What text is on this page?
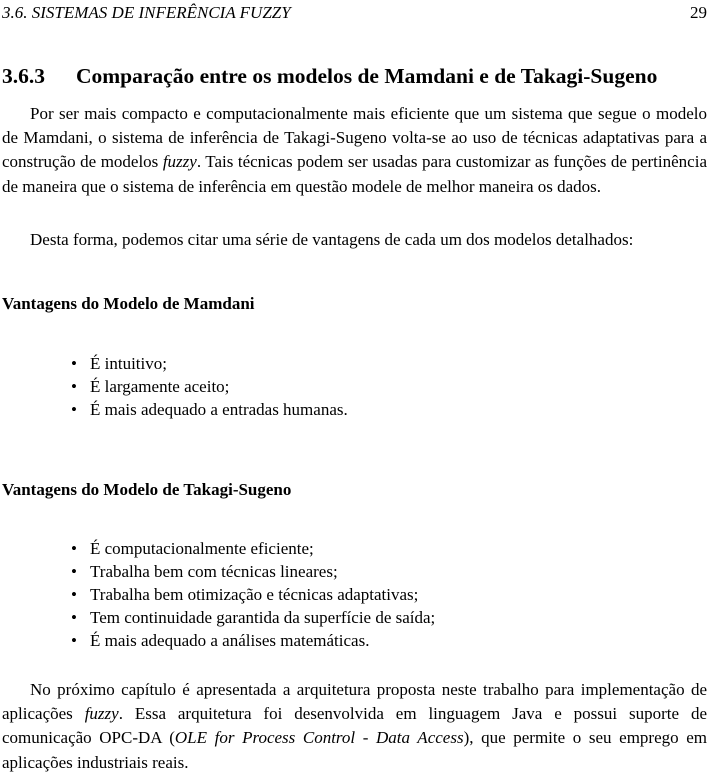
3.6. SISTEMAS DE INFERÊNCIA FUZZY	29
3.6.3 Comparação entre os modelos de Mamdani e de Takagi-Sugeno

Por ser mais compacto e computacionalmente mais eficiente que um sistema que segue o modelo de Mamdani, o sistema de inferência de Takagi-Sugeno volta-se ao uso de técnicas adaptativas para a construção de modelos fuzzy. Tais técnicas podem ser usadas para customizar as funções de pertinência de maneira que o sistema de inferência em questão modele de melhor maneira os dados.

Desta forma, podemos citar uma série de vantagens de cada um dos modelos detalhados:

Vantagens do Modelo de Mamdani
• É intuitivo;
• É largamente aceito;
• É mais adequado a entradas humanas.
Vantagens do Modelo de Takagi-Sugeno
• É computacionalmente eficiente;
• Trabalha bem com técnicas lineares;
• Trabalha bem otimização e técnicas adaptativas;
• Tem continuidade garantida da superfície de saída;
• É mais adequado a análises matemáticas.

No próximo capítulo é apresentada a arquitetura proposta neste trabalho para implementação de aplicações fuzzy. Essa arquitetura foi desenvolvida em linguagem Java e possui suporte de comunicação OPC-DA (OLE for Process Control - Data Access), que permite o seu emprego em aplicações industriais reais.
